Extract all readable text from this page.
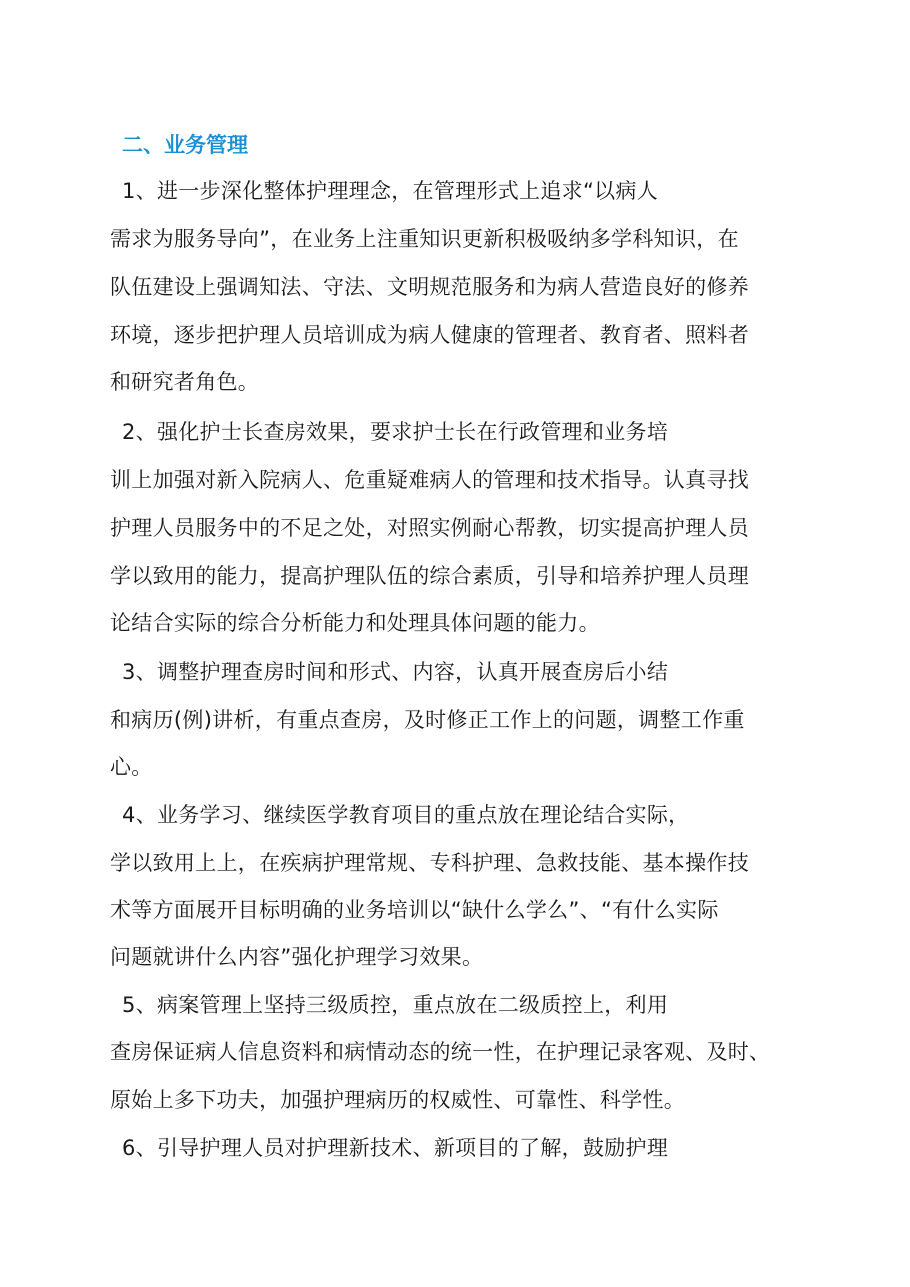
二、业务管理
1、进一步深化整体护理理念，在管理形式上追求“以病人
需求为服务导向”，在业务上注重知识更新积极吸纳多学科知识，在
队伍建设上强调知法、守法、文明规范服务和为病人营造良好的修养
环境，逐步把护理人员培训成为病人健康的管理者、教育者、照料者
和研究者角色。
2、强化护士长查房效果，要求护士长在行政管理和业务培
训上加强对新入院病人、危重疑难病人的管理和技术指导。认真寻找
护理人员服务中的不足之处，对照实例耐心帮教，切实提高护理人员
学以致用的能力，提高护理队伍的综合素质，引导和培养护理人员理
论结合实际的综合分析能力和处理具体问题的能力。
3、调整护理查房时间和形式、内容，认真开展查房后小结
和病历(例)讲析，有重点查房，及时修正工作上的问题，调整工作重
心。
4、业务学习、继续医学教育项目的重点放在理论结合实际，
学以致用上上，在疾病护理常规、专科护理、急救技能、基本操作技
术等方面展开目标明确的业务培训以“缺什么学么”、“有什么实际
问题就讲什么内容”强化护理学习效果。
5、病案管理上坚持三级质控，重点放在二级质控上，利用
查房保证病人信息资料和病情动态的统一性，在护理记录客观、及时、
原始上多下功夫，加强护理病历的权威性、可靠性、科学性。
6、引导护理人员对护理新技术、新项目的了解，鼓励护理
